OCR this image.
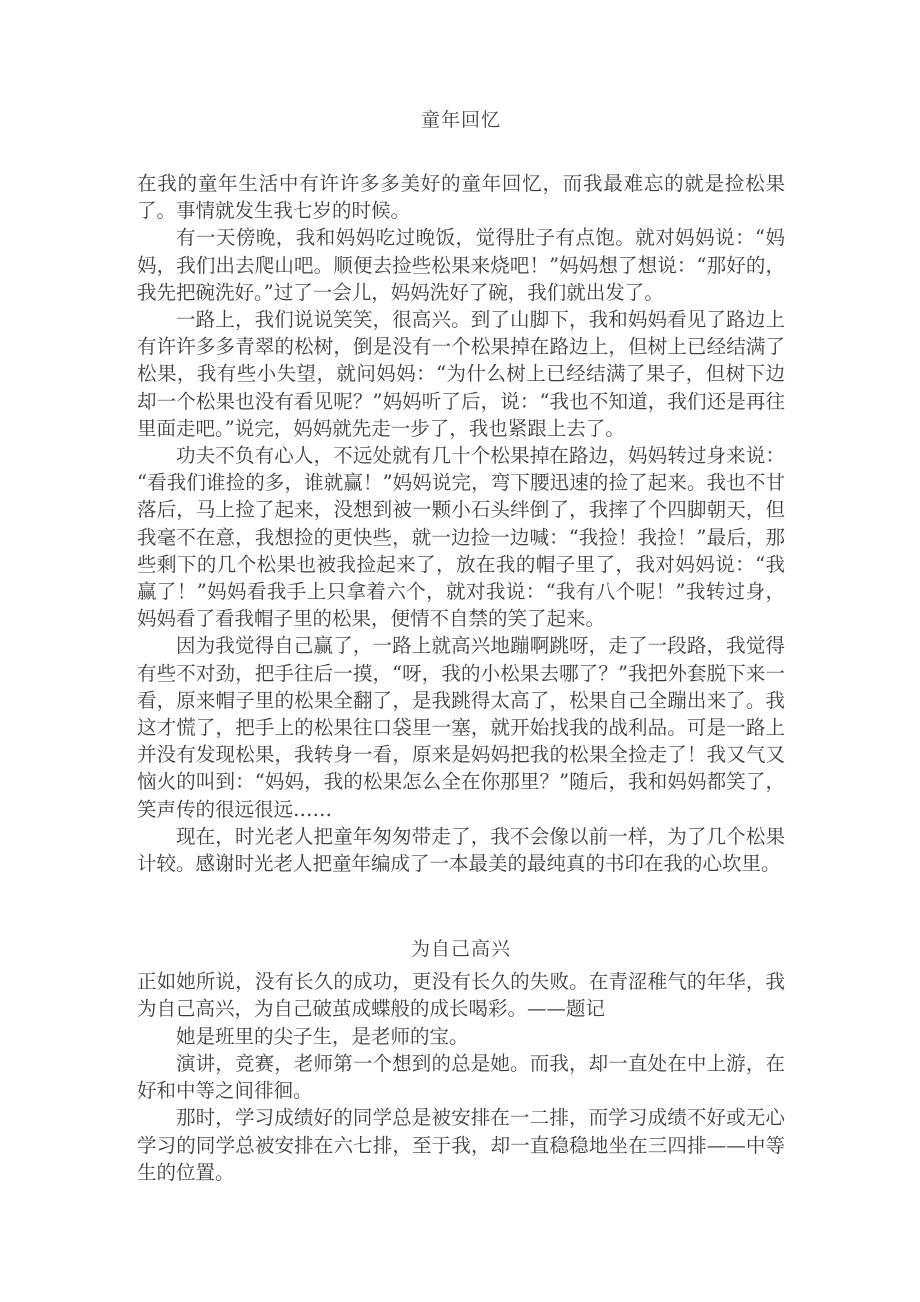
童年回忆

在我的童年生活中有许许多多美好的童年回忆，而我最难忘的就是捡松果了。事情就发生我七岁的时候。

有一天傍晚，我和妈妈吃过晚饭，觉得肚子有点饱。就对妈妈说：“妈妈，我们出去爬山吧。顺便去捡些松果来烧吧！”妈妈想了想说：“那好的，我先把碗洗好。”过了一会儿，妈妈洗好了碗，我们就出发了。

一路上，我们说说笑笑，很高兴。到了山脚下，我和妈妈看见了路边上有许许多多青翠的松树，倒是没有一个松果掉在路边上，但树上已经结满了松果，我有些小失望，就问妈妈：“为什么树上已经结满了果子，但树下边却一个松果也没有看见呢？”妈妈听了后，说：“我也不知道，我们还是再往里面走吧。”说完，妈妈就先走一步了，我也紧跟上去了。

功夫不负有心人，不远处就有几十个松果掉在路边，妈妈转过身来说：“看我们谁捡的多，谁就赢！”妈妈说完，弯下腰迅速的捡了起来。我也不甘落后，马上捡了起来，没想到被一颗小石头绊倒了，我摔了个四脚朝天，但我毫不在意，我想捡的更快些，就一边捡一边喊：“我捡！我捡！”最后，那些剩下的几个松果也被我捡起来了，放在我的帽子里了，我对妈妈说：“我赢了！”妈妈看我手上只拿着六个，就对我说：“我有八个呢！”我转过身，妈妈看了看我帽子里的松果，便情不自禁的笑了起来。

因为我觉得自己赢了，一路上就高兴地蹦啊跳呀，走了一段路，我觉得有些不对劲，把手往后一摸，“呀，我的小松果去哪了？”我把外套脱下来一看，原来帽子里的松果全翻了，是我跳得太高了，松果自己全蹦出来了。我这才慌了，把手上的松果往口袋里一塞，就开始找我的战利品。可是一路上并没有发现松果，我转身一看，原来是妈妈把我的松果全捡走了！我又气又恼火的叫到：“妈妈，我的松果怎么全在你那里？”随后，我和妈妈都笑了，笑声传的很远很远……

现在，时光老人把童年匆匆带走了，我不会像以前一样，为了几个松果计较。感谢时光老人把童年编成了一本最美的最纯真的书印在我的心坎里。

为自己高兴

正如她所说，没有长久的成功，更没有长久的失败。在青涩稚气的年华，我为自己高兴，为自己破茧成蝶般的成长喝彩。——题记

她是班里的尖子生，是老师的宝。

演讲，竞赛，老师第一个想到的总是她。而我，却一直处在中上游，在好和中等之间徘徊。

那时，学习成绩好的同学总是被安排在一二排，而学习成绩不好或无心学习的同学总被安排在六七排，至于我，却一直稳稳地坐在三四排——中等生的位置。
